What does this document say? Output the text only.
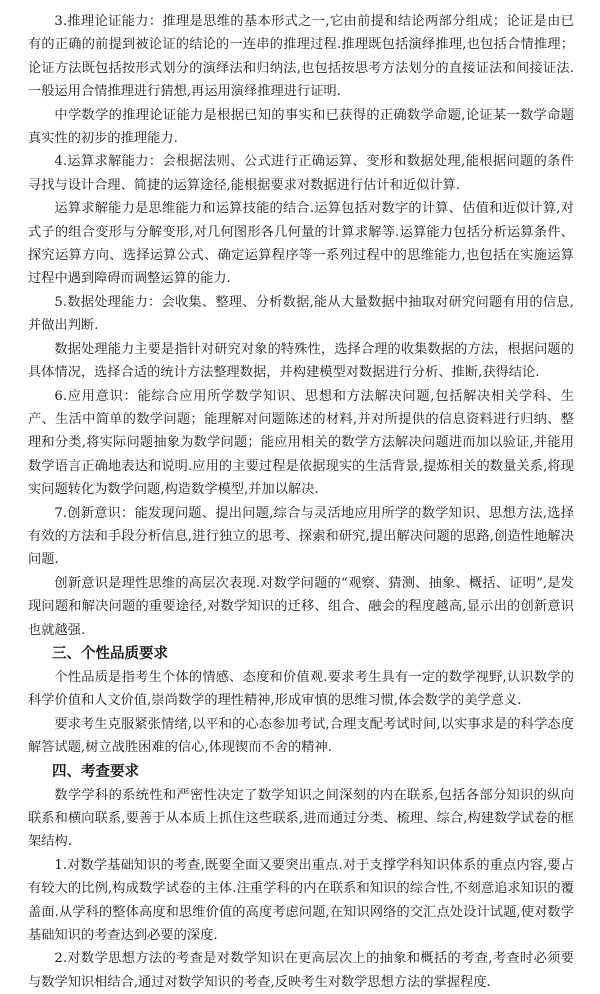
3.推理论证能力：推理是思维的基本形式之一,它由前提和结论两部分组成；论证是由已有的正确的前提到被论证的结论的一连串的推理过程.推理既包括演绎推理,也包括合情推理；论证方法既包括按形式划分的演绎法和归纳法,也包括按思考方法划分的直接证法和间接证法.一般运用合情推理进行猜想,再运用演绎推理进行证明.

中学数学的推理论证能力是根据已知的事实和已获得的正确数学命题,论证某一数学命题真实性的初步的推理能力.

4.运算求解能力：会根据法则、公式进行正确运算、变形和数据处理,能根据问题的条件寻找与设计合理、简捷的运算途径,能根据要求对数据进行估计和近似计算.

运算求解能力是思维能力和运算技能的结合.运算包括对数字的计算、估值和近似计算,对式子的组合变形与分解变形,对几何图形各几何量的计算求解等.运算能力包括分析运算条件、探究运算方向、选择运算公式、确定运算程序等一系列过程中的思维能力,也包括在实施运算过程中遇到障碍而调整运算的能力.

5.数据处理能力：会收集、整理、分析数据,能从大量数据中抽取对研究问题有用的信息,并做出判断.

数据处理能力主要是指针对研究对象的特殊性，选择合理的收集数据的方法，根据问题的具体情况，选择合适的统计方法整理数据，并构建模型对数据进行分析、推断,获得结论.

6.应用意识：能综合应用所学数学知识、思想和方法解决问题,包括解决相关学科、生产、生活中简单的数学问题；能理解对问题陈述的材料,并对所提供的信息资料进行归纳、整理和分类,将实际问题抽象为数学问题；能应用相关的数学方法解决问题进而加以验证,并能用数学语言正确地表达和说明.应用的主要过程是依据现实的生活背景,提炼相关的数量关系,将现实问题转化为数学问题,构造数学模型,并加以解决.

7.创新意识：能发现问题、提出问题,综合与灵活地应用所学的数学知识、思想方法,选择有效的方法和手段分析信息,进行独立的思考、探索和研究,提出解决问题的思路,创造性地解决问题.

创新意识是理性思维的高层次表现.对数学问题的“观察、猜测、抽象、概括、证明”,是发现问题和解决问题的重要途径,对数学知识的迁移、组合、融会的程度越高,显示出的创新意识也就越强.

三、个性品质要求

个性品质是指考生个体的情感、态度和价值观.要求考生具有一定的数学视野,认识数学的科学价值和人文价值,崇尚数学的理性精神,形成审慎的思维习惯,体会数学的美学意义.

要求考生克服紧张情绪,以平和的心态参加考试,合理支配考试时间,以实事求是的科学态度解答试题,树立战胜困难的信心,体现锲而不舍的精神.

四、考查要求

数学学科的系统性和严密性决定了数学知识之间深刻的内在联系,包括各部分知识的纵向联系和横向联系,要善于从本质上抓住这些联系,进而通过分类、梳理、综合,构建数学试卷的框架结构.

1.对数学基础知识的考查,既要全面又要突出重点.对于支撑学科知识体系的重点内容,要占有较大的比例,构成数学试卷的主体.注重学科的内在联系和知识的综合性,不刻意追求知识的覆盖面.从学科的整体高度和思维价值的高度考虑问题,在知识网络的交汇点处设计试题,使对数学基础知识的考查达到必要的深度.

2.对数学思想方法的考查是对数学知识在更高层次上的抽象和概括的考查,考查时必须要与数学知识相结合,通过对数学知识的考查,反映考生对数学思想方法的掌握程度.
